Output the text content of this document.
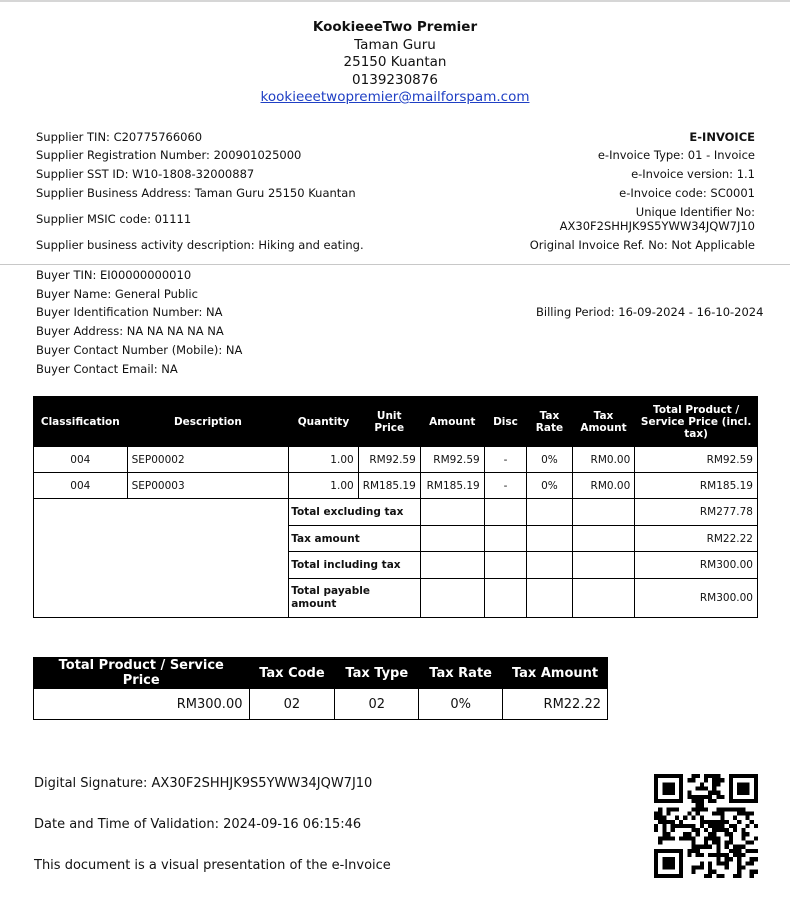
KookieeeTwo Premier
Taman Guru
25150 Kuantan
0139230876
kookieeetwopremier@mailforspam.com
Supplier TIN: C20775766060
Supplier Registration Number: 200901025000
Supplier SST ID: W10-1808-32000887
Supplier Business Address: Taman Guru 25150 Kuantan
Supplier MSIC code: 01111
Supplier business activity description: Hiking and eating.
E-INVOICE
e-Invoice Type: 01 - Invoice
e-Invoice version: 1.1
e-Invoice code: SC0001
Unique Identifier No:
AX30F2SHHJK9S5YWW34JQW7J10
Original Invoice Ref. No: Not Applicable
Buyer TIN: EI00000000010
Buyer Name: General Public
Buyer Identification Number: NA
Buyer Address: NA NA NA NA NA
Buyer Contact Number (Mobile): NA
Buyer Contact Email: NA
Billing Period: 16-09-2024 - 16-10-2024
Classification	Description	Quantity	Unit Price	Amount	Disc	Tax Rate	Tax Amount	Total Product / Service Price (incl. tax)
004	SEP00002	1.00	RM92.59	RM92.59	-	0%	RM0.00	RM92.59
004	SEP00003	1.00	RM185.19	RM185.19	-	0%	RM0.00	RM185.19
		Total excluding tax						RM277.78
		Tax amount						RM22.22
		Total including tax						RM300.00
		Total payable amount						RM300.00
Total Product / Service Price	Tax Code	Tax Type	Tax Rate	Tax Amount
RM300.00	02	02	0%	RM22.22
Digital Signature: AX30F2SHHJK9S5YWW34JQW7J10
Date and Time of Validation: 2024-09-16 06:15:46
This document is a visual presentation of the e-Invoice
